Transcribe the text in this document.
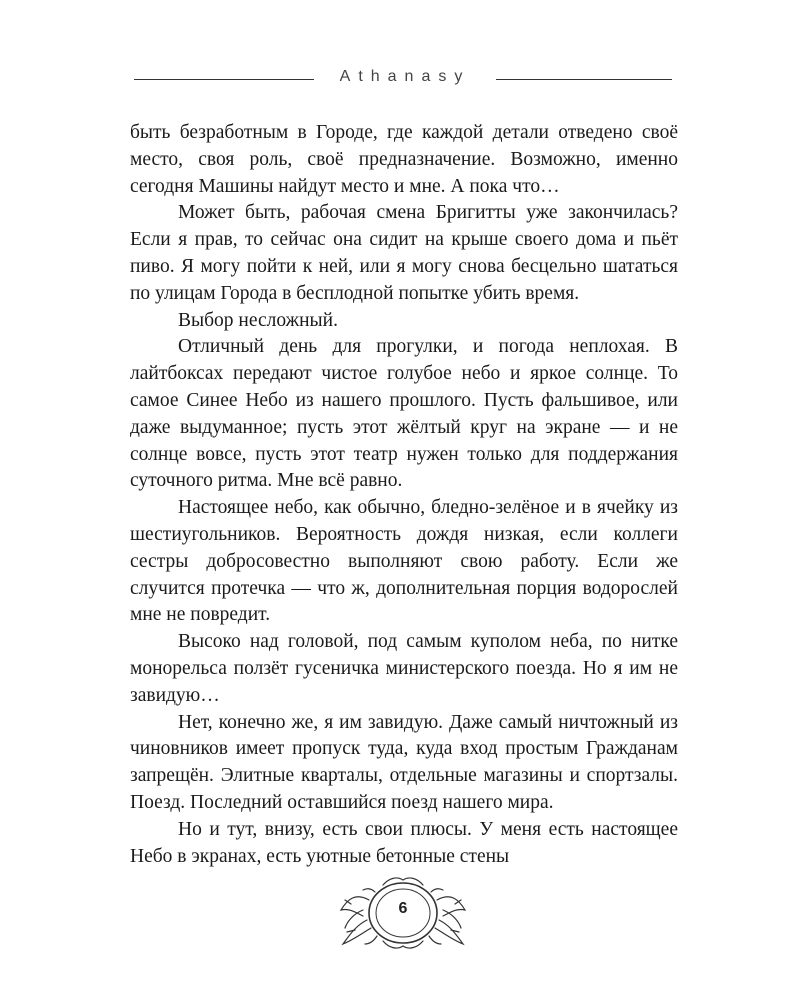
Athanasy

быть безработным в Городе, где каждой детали отведено своё место, своя роль, своё предназначение. Возможно, именно сегодня Машины найдут место и мне. А пока что…

Может быть, рабочая смена Бригитты уже закончилась? Если я прав, то сейчас она сидит на крыше своего дома и пьёт пиво. Я могу пойти к ней, или я могу снова бесцельно шататься по улицам Города в бесплодной попытке убить время.

Выбор несложный.

Отличный день для прогулки, и погода неплохая. В лайтбоксах передают чистое голубое небо и яркое солнце. То самое Синее Небо из нашего прошлого. Пусть фальшивое, или даже выдуманное; пусть этот жёлтый круг на экране — и не солнце вовсе, пусть этот театр нужен только для поддержания суточного ритма. Мне всё равно.

Настоящее небо, как обычно, бледно-зелёное и в ячейку из шестиугольников. Вероятность дождя низкая, если коллеги сестры добросовестно выполняют свою работу. Если же случится протечка — что ж, дополнительная порция водорослей мне не повредит.

Высоко над головой, под самым куполом неба, по нитке монорельса ползёт гусеничка министерского поезда. Но я им не завидую…

Нет, конечно же, я им завидую. Даже самый ничтожный из чиновников имеет пропуск туда, куда вход простым Гражданам запрещён. Элитные кварталы, отдельные магазины и спортзалы. Поезд. Последний оставшийся поезд нашего мира.

Но и тут, внизу, есть свои плюсы. У меня есть настоящее Небо в экранах, есть уютные бетонные стены

6
